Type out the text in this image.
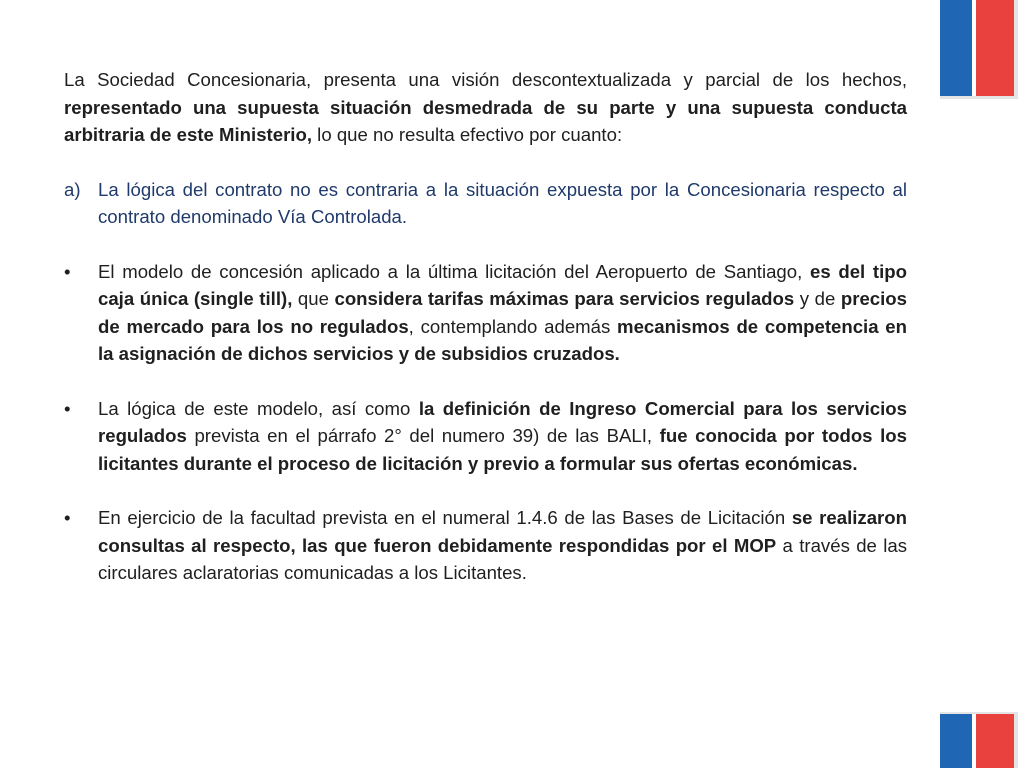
La Sociedad Concesionaria, presenta una visión descontextualizada y parcial de los hechos, representado una supuesta situación desmedrada de su parte y una supuesta conducta arbitraria de este Ministerio, lo que no resulta efectivo por cuanto:

a) La lógica del contrato no es contraria a la situación expuesta por la Concesionaria respecto al contrato denominado Vía Controlada.
•	El modelo de concesión aplicado a la última licitación del Aeropuerto de Santiago, es del tipo caja única (single till), que considera tarifas máximas para servicios regulados y de precios de mercado para los no regulados, contemplando además mecanismos de competencia en la asignación de dichos servicios y de subsidios cruzados.
•	La lógica de este modelo, así como la definición de Ingreso Comercial para los servicios regulados prevista en el párrafo 2° del numero 39) de las BALI, fue conocida por todos los licitantes durante el proceso de licitación y previo a formular sus ofertas económicas.
•	En ejercicio de la facultad prevista en el numeral 1.4.6 de las Bases de Licitación se realizaron consultas al respecto, las que fueron debidamente respondidas por el MOP a través de las circulares aclaratorias comunicadas a los Licitantes.
